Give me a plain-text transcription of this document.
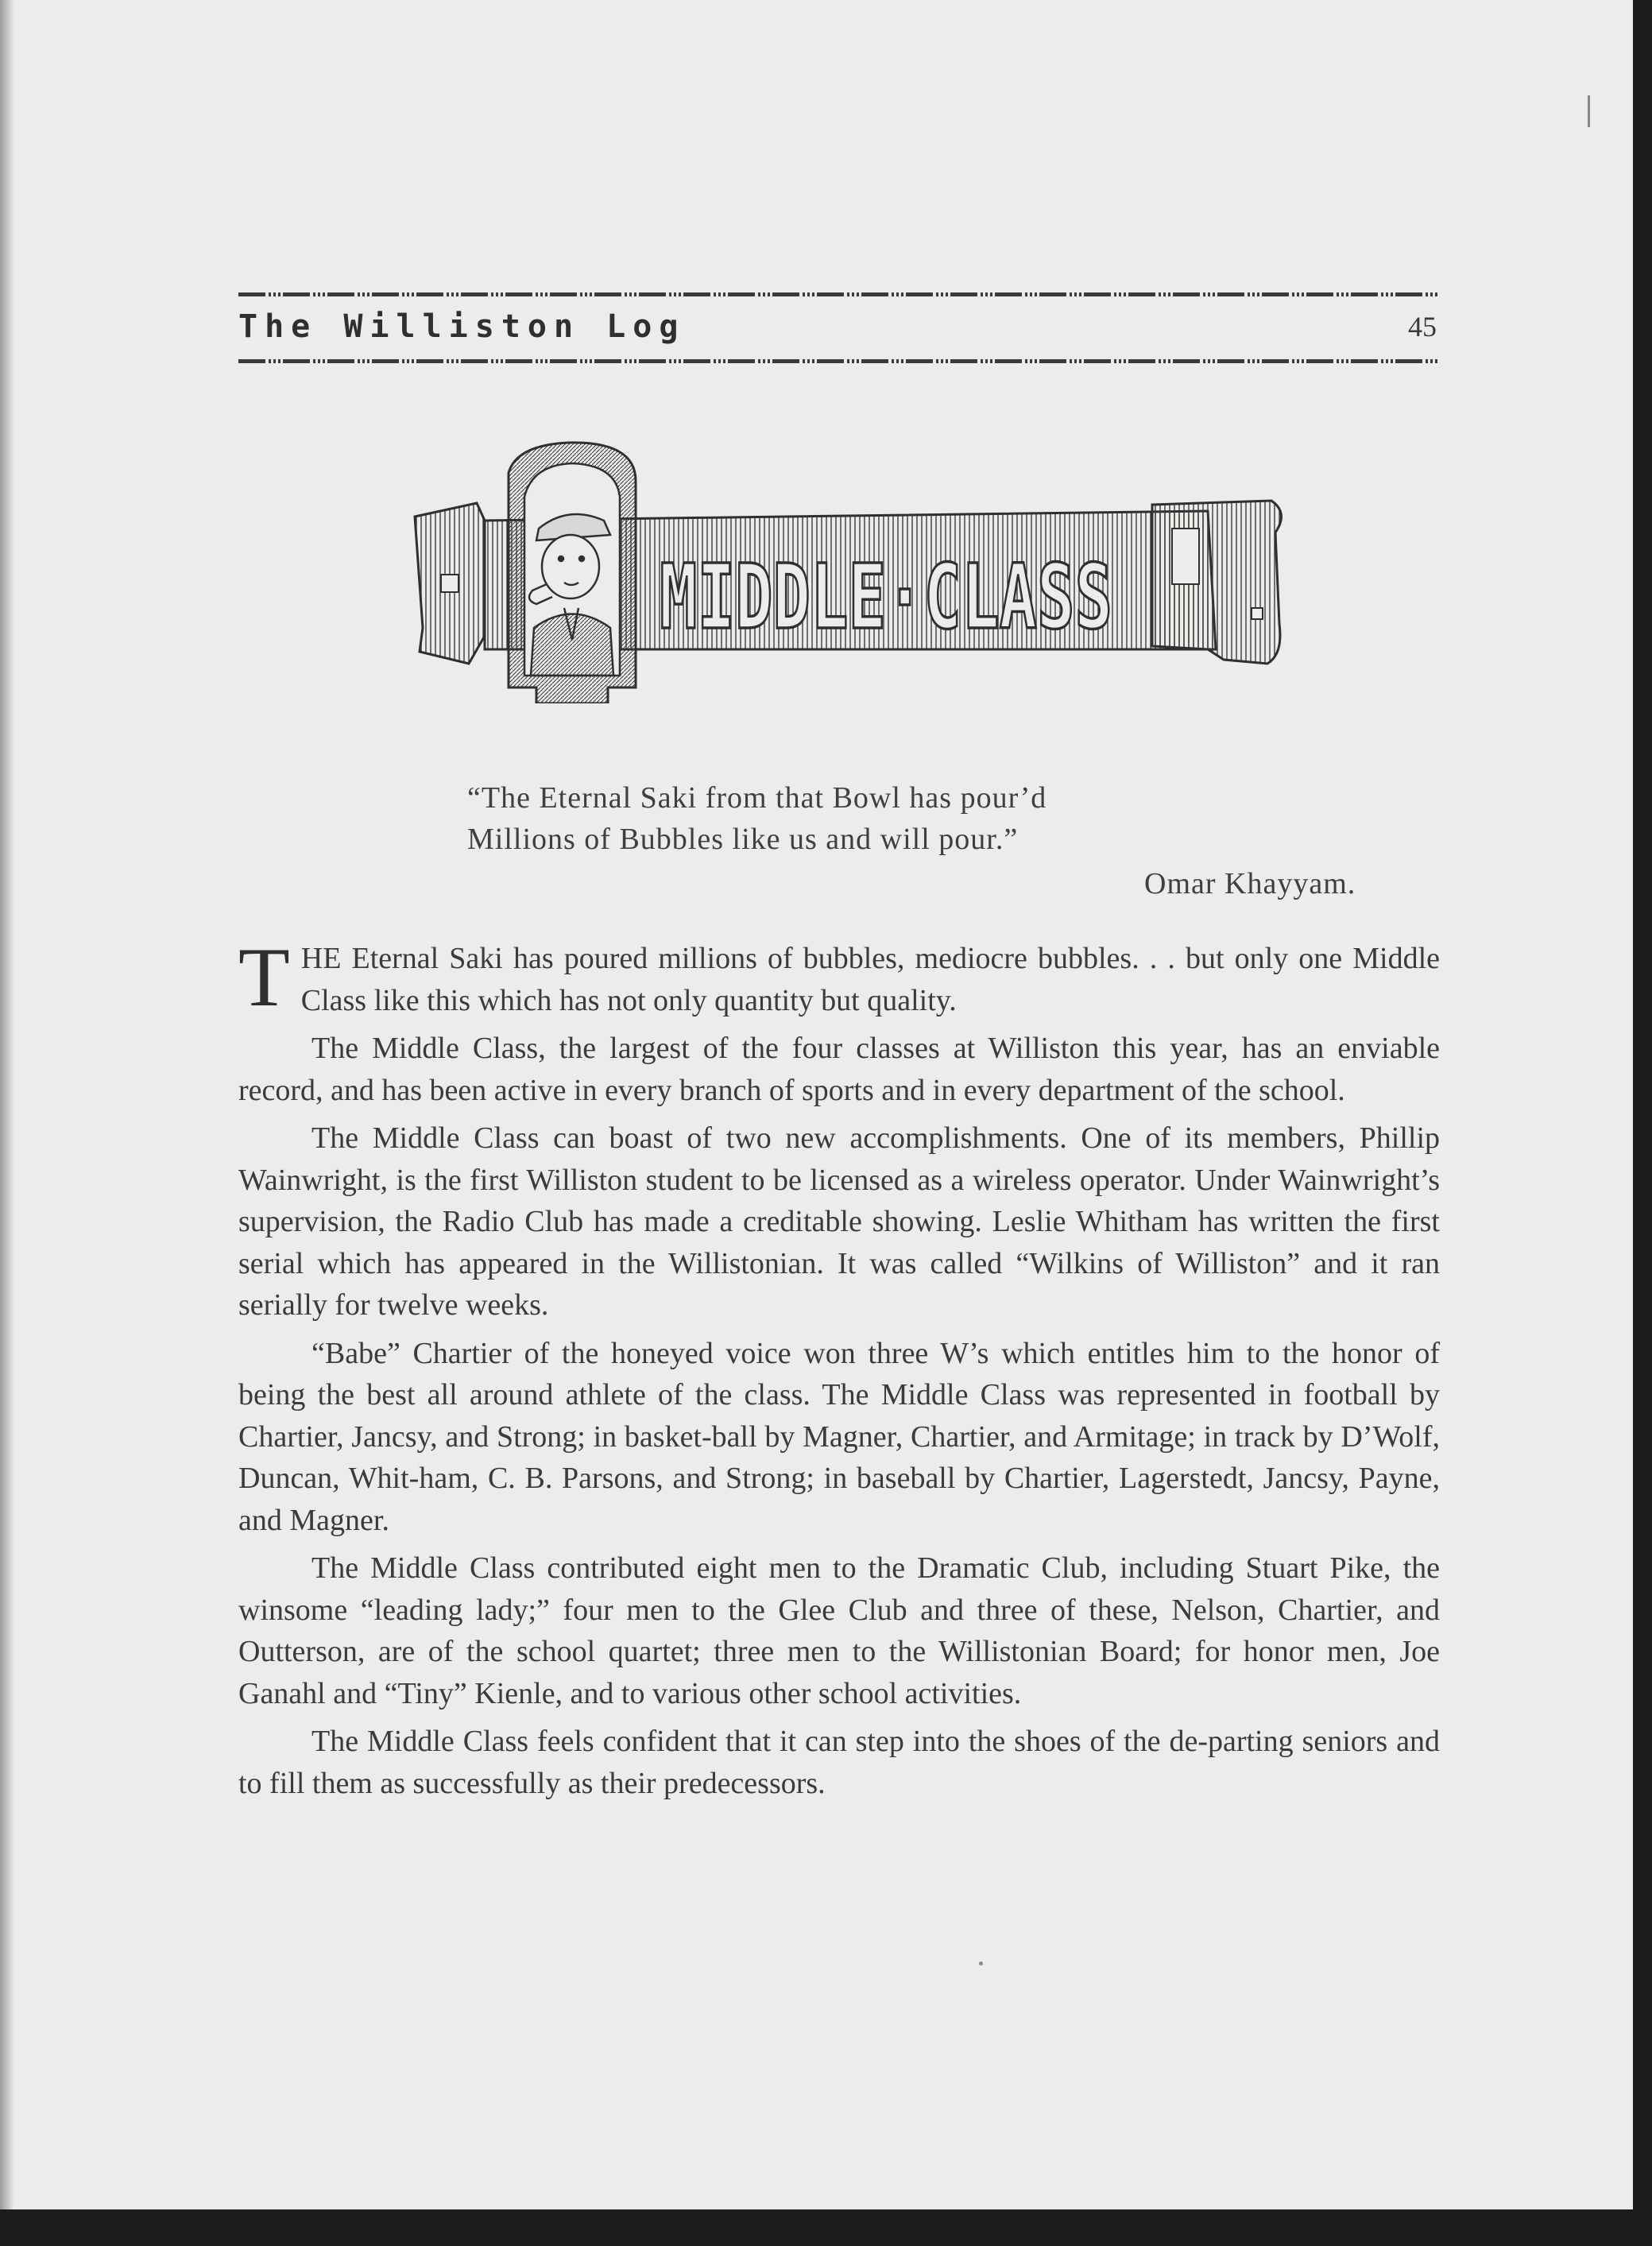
The Williston Log	45
MIDDLE·CLASS
“The Eternal Saki from that Bowl has pour’d
Millions of Bubbles like us and will pour.”
Omar Khayyam.

THE Eternal Saki has poured millions of bubbles, mediocre bubbles. . . but only one Middle Class like this which has not only quantity but quality.

The Middle Class, the largest of the four classes at Williston this year, has an enviable record, and has been active in every branch of sports and in every department of the school.

The Middle Class can boast of two new accomplishments. One of its members, Phillip Wainwright, is the first Williston student to be licensed as a wireless operator. Under Wainwright’s supervision, the Radio Club has made a creditable showing. Leslie Whitham has written the first serial which has appeared in the Willistonian. It was called “Wilkins of Williston” and it ran serially for twelve weeks.

“Babe” Chartier of the honeyed voice won three W’s which entitles him to the honor of being the best all around athlete of the class. The Middle Class was represented in football by Chartier, Jancsy, and Strong; in basket-ball by Magner, Chartier, and Armitage; in track by D’Wolf, Duncan, Whit-ham, C. B. Parsons, and Strong; in baseball by Chartier, Lagerstedt, Jancsy, Payne, and Magner.

The Middle Class contributed eight men to the Dramatic Club, including Stuart Pike, the winsome “leading lady;” four men to the Glee Club and three of these, Nelson, Chartier, and Outterson, are of the school quartet; three men to the Willistonian Board; for honor men, Joe Ganahl and “Tiny” Kienle, and to various other school activities.

The Middle Class feels confident that it can step into the shoes of the de-parting seniors and to fill them as successfully as their predecessors.
